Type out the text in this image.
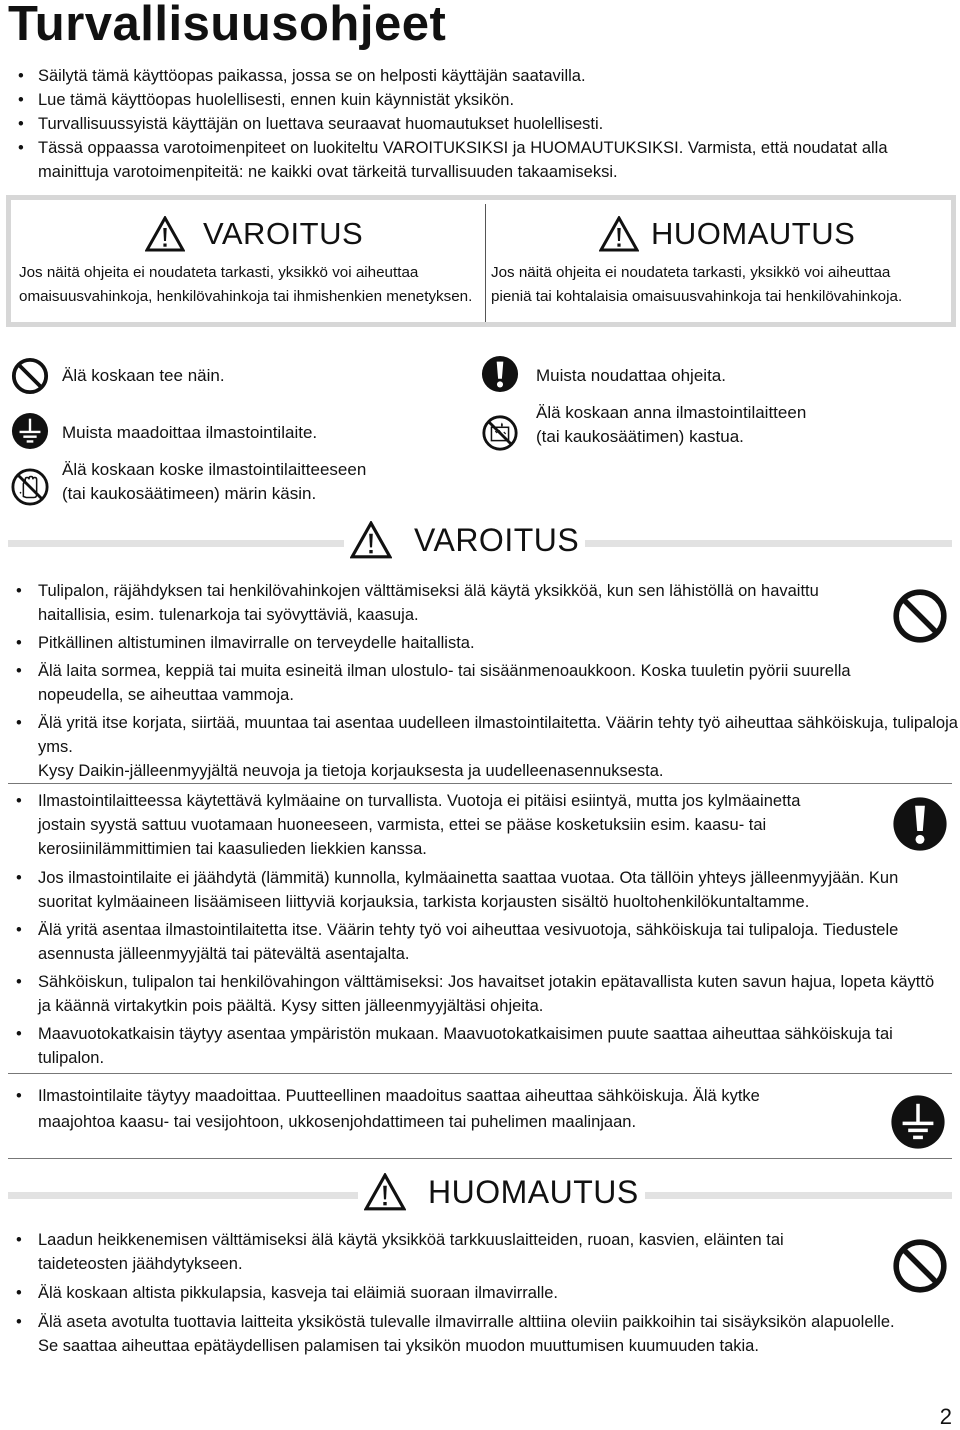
Turvallisuusohjeet
• Säilytä tämä käyttöopas paikassa, jossa se on helposti käyttäjän saatavilla.
• Lue tämä käyttöopas huolellisesti, ennen kuin käynnistät yksikön.
• Turvallisuussyistä käyttäjän on luettava seuraavat huomautukset huolellisesti.
• Tässä oppaassa varotoimenpiteet on luokiteltu VAROITUKSIKSI ja HUOMAUTUKSIKSI. Varmista, että noudatat alla mainittuja varotoimenpiteitä: ne kaikki ovat tärkeitä turvallisuuden takaamiseksi.
VAROITUS
Jos näitä ohjeita ei noudateta tarkasti, yksikkö voi aiheuttaa
omaisuusvahinkoja, henkilövahinkoja tai ihmishenkien menetyksen.
HUOMAUTUS
Jos näitä ohjeita ei noudateta tarkasti, yksikkö voi aiheuttaa
pieniä tai kohtalaisia omaisuusvahinkoja tai henkilövahinkoja.
Älä koskaan tee näin.
Muista maadoittaa ilmastointilaite.
Älä koskaan koske ilmastointilaitteeseen
(tai kaukosäätimeen) märin käsin.
Muista noudattaa ohjeita.
Älä koskaan anna ilmastointilaitteen
(tai kaukosäätimen) kastua.
VAROITUS
• Tulipalon, räjähdyksen tai henkilövahinkojen välttämiseksi älä käytä yksikköä, kun sen lähistöllä on havaittu haitallisia, esim. tulenarkoja tai syövyttäviä, kaasuja.
• Pitkällinen altistuminen ilmavirralle on terveydelle haitallista.
• Älä laita sormea, keppiä tai muita esineitä ilman ulostulo- tai sisäänmenoaukkoon. Koska tuuletin pyörii suurella nopeudella, se aiheuttaa vammoja.
• Älä yritä itse korjata, siirtää, muuntaa tai asentaa uudelleen ilmastointilaitetta. Väärin tehty työ aiheuttaa sähköiskuja, tulipaloja yms.
Kysy Daikin-jälleenmyyjältä neuvoja ja tietoja korjauksesta ja uudelleenasennuksesta.
• Ilmastointilaitteessa käytettävä kylmäaine on turvallista. Vuotoja ei pitäisi esiintyä, mutta jos kylmäainetta jostain syystä sattuu vuotamaan huoneeseen, varmista, ettei se pääse kosketuksiin esim. kaasu- tai kerosiinilämmittimien tai kaasulieden liekkien kanssa.
• Jos ilmastointilaite ei jäähdytä (lämmitä) kunnolla, kylmäainetta saattaa vuotaa. Ota tällöin yhteys jälleenmyyjään. Kun suoritat kylmäaineen lisäämiseen liittyviä korjauksia, tarkista korjausten sisältö huoltohenkilökuntaltamme.
• Älä yritä asentaa ilmastointilaitetta itse. Väärin tehty työ voi aiheuttaa vesivuotoja, sähköiskuja tai tulipaloja. Tiedustele asennusta jälleenmyyjältä tai pätevältä asentajalta.
• Sähköiskun, tulipalon tai henkilövahingon välttämiseksi: Jos havaitset jotakin epätavallista kuten savun hajua, lopeta käyttö ja käännä virtakytkin pois päältä. Kysy sitten jälleenmyyjältäsi ohjeita.
• Maavuotokatkaisin täytyy asentaa ympäristön mukaan. Maavuotokatkaisimen puute saattaa aiheuttaa sähköiskuja tai tulipalon.
• Ilmastointilaite täytyy maadoittaa. Puutteellinen maadoitus saattaa aiheuttaa sähköiskuja. Älä kytke maajohtoa kaasu- tai vesijohtoon, ukkosenjohdattimeen tai puhelimen maalinjaan.
HUOMAUTUS
• Laadun heikkenemisen välttämiseksi älä käytä yksikköä tarkkuuslaitteiden, ruoan, kasvien, eläinten tai taideteosten jäähdytykseen.
• Älä koskaan altista pikkulapsia, kasveja tai eläimiä suoraan ilmavirralle.
• Älä aseta avotulta tuottavia laitteita yksiköstä tulevalle ilmavirralle alttiina oleviin paikkoihin tai sisäyksikön alapuolelle. Se saattaa aiheuttaa epätäydellisen palamisen tai yksikön muodon muuttumisen kuumuuden takia.
2
